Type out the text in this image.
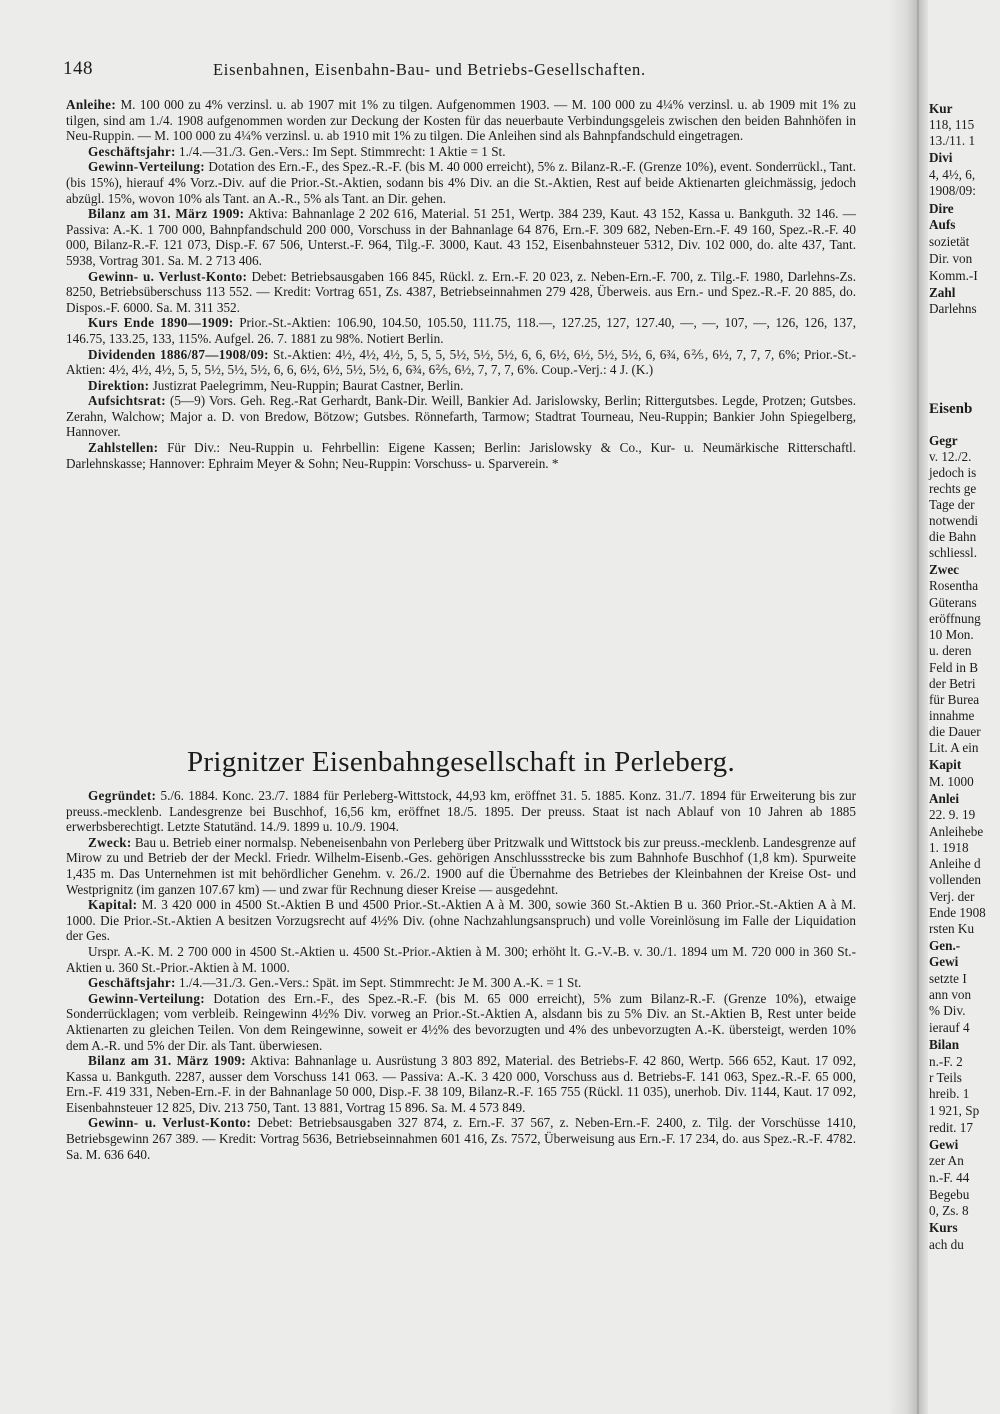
148	Eisenbahnen, Eisenbahn-Bau- und Betriebs-Gesellschaften.

Anleihe: M. 100 000 zu 4% verzinsl. u. ab 1907 mit 1% zu tilgen. Aufgenommen 1903. — M. 100 000 zu 4¼% verzinsl. u. ab 1909 mit 1% zu tilgen, sind am 1./4. 1908 aufgenommen worden zur Deckung der Kosten für das neuerbaute Verbindungsgeleis zwischen den beiden Bahnhöfen in Neu-Ruppin. — M. 100 000 zu 4¼% verzinsl. u. ab 1910 mit 1% zu tilgen. Die Anleihen sind als Bahnpfandschuld eingetragen.

Geschäftsjahr: 1./4.—31./3. Gen.-Vers.: Im Sept. Stimmrecht: 1 Aktie = 1 St.

Gewinn-Verteilung: Dotation des Ern.-F., des Spez.-R.-F. (bis M. 40 000 erreicht), 5% z. Bilanz-R.-F. (Grenze 10%), event. Sonderrückl., Tant. (bis 15%), hierauf 4% Vorz.-Div. auf die Prior.-St.-Aktien, sodann bis 4% Div. an die St.-Aktien, Rest auf beide Aktienarten gleichmässig, jedoch abzügl. 15%, wovon 10% als Tant. an A.-R., 5% als Tant. an Dir. gehen.

Bilanz am 31. März 1909: Aktiva: Bahnanlage 2 202 616, Material. 51 251, Wertp. 384 239, Kaut. 43 152, Kassa u. Bankguth. 32 146. — Passiva: A.-K. 1 700 000, Bahnpfandschuld 200 000, Vorschuss in der Bahnanlage 64 876, Ern.-F. 309 682, Neben-Ern.-F. 49 160, Spez.-R.-F. 40 000, Bilanz-R.-F. 121 073, Disp.-F. 67 506, Unterst.-F. 964, Tilg.-F. 3000, Kaut. 43 152, Eisenbahnsteuer 5312, Div. 102 000, do. alte 437, Tant. 5938, Vortrag 301. Sa. M. 2 713 406.

Gewinn- u. Verlust-Konto: Debet: Betriebsausgaben 166 845, Rückl. z. Ern.-F. 20 023, z. Neben-Ern.-F. 700, z. Tilg.-F. 1980, Darlehns-Zs. 8250, Betriebsüberschuss 113 552. — Kredit: Vortrag 651, Zs. 4387, Betriebseinnahmen 279 428, Überweis. aus Ern.- und Spez.-R.-F. 20 885, do. Dispos.-F. 6000. Sa. M. 311 352.

Kurs Ende 1890—1909: Prior.-St.-Aktien: 106.90, 104.50, 105.50, 111.75, 118.—, 127.25, 127, 127.40, —, —, 107, —, 126, 126, 137, 146.75, 133.25, 133, 115%. Aufgel. 26. 7. 1881 zu 98%. Notiert Berlin.

Dividenden 1886/87—1908/09: St.-Aktien: 4½, 4½, 4½, 5, 5, 5, 5½, 5½, 5½, 6, 6, 6½, 6½, 5½, 5½, 6, 6¾, 6⅖, 6½, 7, 7, 7, 6%; Prior.-St.-Aktien: 4½, 4½, 4½, 5, 5, 5½, 5½, 5½, 6, 6, 6½, 6½, 5½, 5½, 6, 6¾, 6⅖, 6½, 7, 7, 7, 6%. Coup.-Verj.: 4 J. (K.)

Direktion: Justizrat Paelegrimm, Neu-Ruppin; Baurat Castner, Berlin.

Aufsichtsrat: (5—9) Vors. Geh. Reg.-Rat Gerhardt, Bank-Dir. Weill, Bankier Ad. Jarislowsky, Berlin; Rittergutsbes. Legde, Protzen; Gutsbes. Zerahn, Walchow; Major a. D. von Bredow, Bötzow; Gutsbes. Rönnefarth, Tarmow; Stadtrat Tourneau, Neu-Ruppin; Bankier John Spiegelberg, Hannover.

Zahlstellen: Für Div.: Neu-Ruppin u. Fehrbellin: Eigene Kassen; Berlin: Jarislowsky & Co., Kur- u. Neumärkische Ritterschaftl. Darlehnskasse; Hannover: Ephraim Meyer & Sohn; Neu-Ruppin: Vorschuss- u. Sparverein. *

Prignitzer Eisenbahngesellschaft in Perleberg.

Gegründet: 5./6. 1884. Konc. 23./7. 1884 für Perleberg-Wittstock, 44,93 km, eröffnet 31. 5. 1885. Konz. 31./7. 1894 für Erweiterung bis zur preuss.-mecklenb. Landesgrenze bei Buschhof, 16,56 km, eröffnet 18./5. 1895. Der preuss. Staat ist nach Ablauf von 10 Jahren ab 1885 erwerbsberechtigt. Letzte Statutänd. 14./9. 1899 u. 10./9. 1904.

Zweck: Bau u. Betrieb einer normalsp. Nebeneisenbahn von Perleberg über Pritzwalk und Wittstock bis zur preuss.-mecklenb. Landesgrenze auf Mirow zu und Betrieb der der Meckl. Friedr. Wilhelm-Eisenb.-Ges. gehörigen Anschlussstrecke bis zum Bahnhofe Buschhof (1,8 km). Spurweite 1,435 m. Das Unternehmen ist mit behördlicher Genehm. v. 26./2. 1900 auf die Übernahme des Betriebes der Kleinbahnen der Kreise Ost- und Westprignitz (im ganzen 107.67 km) — und zwar für Rechnung dieser Kreise — ausgedehnt.

Kapital: M. 3 420 000 in 4500 St.-Aktien B und 4500 Prior.-St.-Aktien A à M. 300, sowie 360 St.-Aktien B u. 360 Prior.-St.-Aktien A à M. 1000. Die Prior.-St.-Aktien A besitzen Vorzugsrecht auf 4½% Div. (ohne Nachzahlungsanspruch) und volle Voreinlösung im Falle der Liquidation der Ges.

Urspr. A.-K. M. 2 700 000 in 4500 St.-Aktien u. 4500 St.-Prior.-Aktien à M. 300; erhöht lt. G.-V.-B. v. 30./1. 1894 um M. 720 000 in 360 St.-Aktien u. 360 St.-Prior.-Aktien à M. 1000.

Geschäftsjahr: 1./4.—31./3. Gen.-Vers.: Spät. im Sept. Stimmrecht: Je M. 300 A.-K. = 1 St.

Gewinn-Verteilung: Dotation des Ern.-F., des Spez.-R.-F. (bis M. 65 000 erreicht), 5% zum Bilanz-R.-F. (Grenze 10%), etwaige Sonderrücklagen; vom verbleib. Reingewinn 4½% Div. vorweg an Prior.-St.-Aktien A, alsdann bis zu 5% Div. an St.-Aktien B, Rest unter beide Aktienarten zu gleichen Teilen. Von dem Reingewinne, soweit er 4½% des bevorzugten und 4% des unbevorzugten A.-K. übersteigt, werden 10% dem A.-R. und 5% der Dir. als Tant. überwiesen.

Bilanz am 31. März 1909: Aktiva: Bahnanlage u. Ausrüstung 3 803 892, Material. des Betriebs-F. 42 860, Wertp. 566 652, Kaut. 17 092, Kassa u. Bankguth. 2287, ausser dem Vorschuss 141 063. — Passiva: A.-K. 3 420 000, Vorschuss aus d. Betriebs-F. 141 063, Spez.-R.-F. 65 000, Ern.-F. 419 331, Neben-Ern.-F. in der Bahnanlage 50 000, Disp.-F. 38 109, Bilanz-R.-F. 165 755 (Rückl. 11 035), unerhob. Div. 1144, Kaut. 17 092, Eisenbahnsteuer 12 825, Div. 213 750, Tant. 13 881, Vortrag 15 896. Sa. M. 4 573 849.

Gewinn- u. Verlust-Konto: Debet: Betriebsausgaben 327 874, z. Ern.-F. 37 567, z. Neben-Ern.-F. 2400, z. Tilg. der Vorschüsse 1410, Betriebsgewinn 267 389. — Kredit: Vortrag 5636, Betriebseinnahmen 601 416, Zs. 7572, Überweisung aus Ern.-F. 17 234, do. aus Spez.-R.-F. 4782. Sa. M. 636 640.

Kur
118, 115
13./11. 1
Divi
4, 4½, 6,
1908/09:
Dire
Aufs
sozietät
Dir. von
Komm.-I
Zahl
Darlehns
Eisenb
Gegr
v. 12./2.
jedoch is
rechts ge
Tage der
notwendi
die Bahn
schliessl.
Zwec
Rosentha
Güterans
eröffnung
10 Mon.
u. deren
Feld in B
der Betri
für Burea
innahme
die Dauer
Lit. A ein
Kapit
M. 1000
Anlei
22. 9. 19
Anleihebe
1. 1918
Anleihe d
vollenden
Verj. der
Ende 1908
rsten Ku
Gen.-
Gewi
setzte I
ann von
% Div.
ierauf 4
Bilan
n.-F. 2
r Teils
hreib. 1
1 921, Sp
redit. 17
Gewi
zer An
n.-F. 44
Begebu
0, Zs. 8
Kurs
ach du
